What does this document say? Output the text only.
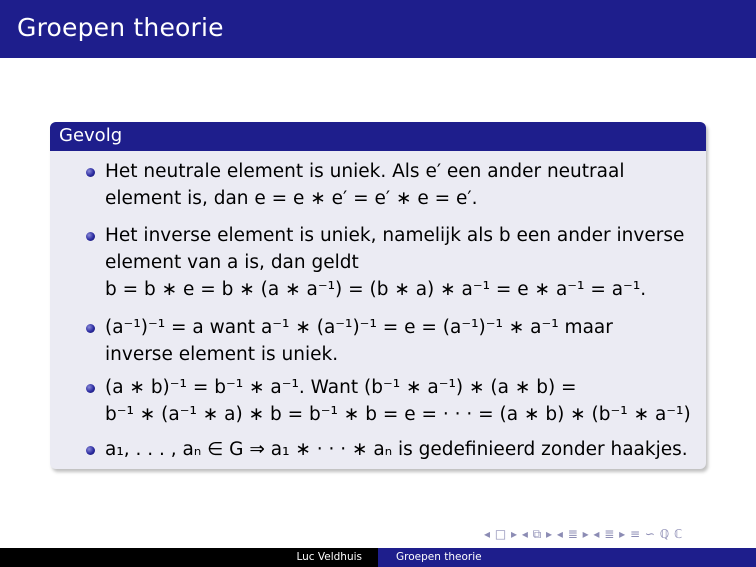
Groepen theorie
Gevolg
Het neutrale element is uniek. Als e′ een ander neutraal
element is, dan e = e ∗ e′ = e′ ∗ e = e′.
Het inverse element is uniek, namelijk als b een ander inverse
element van a is, dan geldt
b = b ∗ e = b ∗ (a ∗ a⁻¹) = (b ∗ a) ∗ a⁻¹ = e ∗ a⁻¹ = a⁻¹.
(a⁻¹)⁻¹ = a want a⁻¹ ∗ (a⁻¹)⁻¹ = e = (a⁻¹)⁻¹ ∗ a⁻¹ maar
inverse element is uniek.
(a ∗ b)⁻¹ = b⁻¹ ∗ a⁻¹. Want (b⁻¹ ∗ a⁻¹) ∗ (a ∗ b) =
b⁻¹ ∗ (a⁻¹ ∗ a) ∗ b = b⁻¹ ∗ b = e = · · · = (a ∗ b) ∗ (b⁻¹ ∗ a⁻¹)
a₁, . . . , aₙ ∈ G ⇒ a₁ ∗ · · · ∗ aₙ is gedefinieerd zonder haakjes.
◂ □ ▸ ◂ ⧉ ▸ ◂ ≣ ▸ ◂ ≣ ▸ ≡ ∽ ℚ ℂ
Luc Veldhuis	Groepen theorie
